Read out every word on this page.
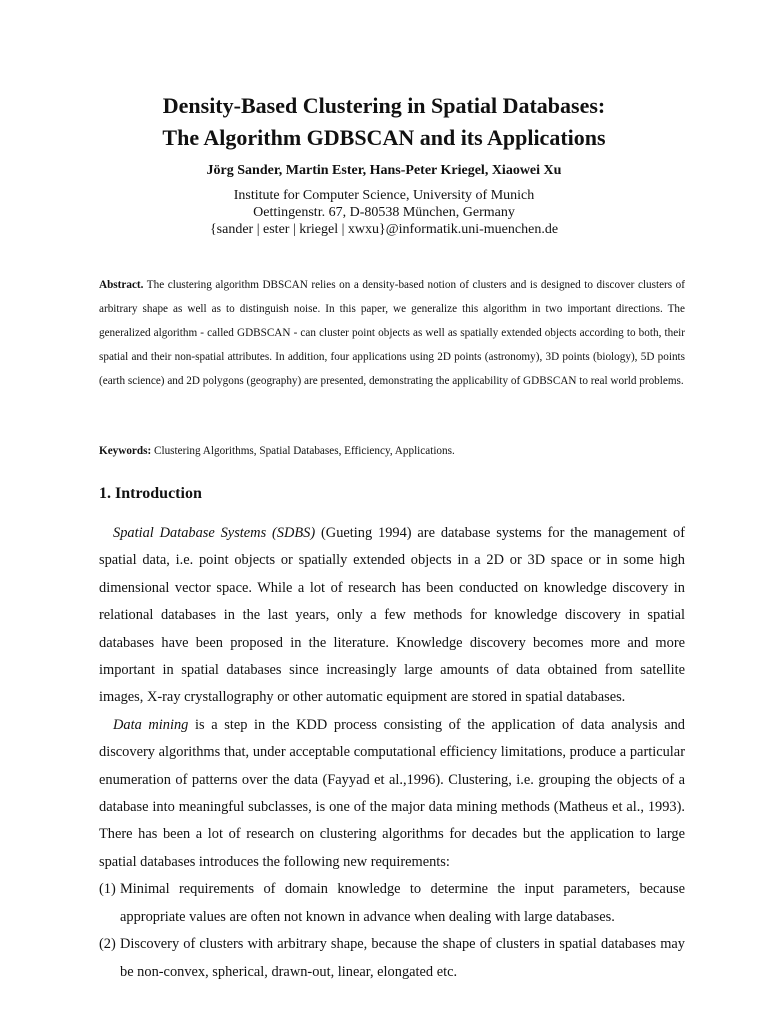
Density-Based Clustering in Spatial Databases:
The Algorithm GDBSCAN and its Applications
Jörg Sander, Martin Ester, Hans-Peter Kriegel, Xiaowei Xu
Institute for Computer Science, University of Munich
Oettingenstr. 67, D-80538 München, Germany
{sander | ester | kriegel | xwxu}@informatik.uni-muenchen.de
Abstract. The clustering algorithm DBSCAN relies on a density-based notion of clusters and is designed to discover clusters of arbitrary shape as well as to distinguish noise. In this paper, we generalize this algorithm in two important directions. The generalized algorithm - called GDBSCAN - can cluster point objects as well as spatially extended objects according to both, their spatial and their non-spatial attributes. In addition, four applications using 2D points (astronomy), 3D points (biology), 5D points (earth science) and 2D polygons (geography) are presented, demonstrating the applicability of GDBSCAN to real world problems.
Keywords: Clustering Algorithms, Spatial Databases, Efficiency, Applications.
1. Introduction

Spatial Database Systems (SDBS) (Gueting 1994) are database systems for the management of spatial data, i.e. point objects or spatially extended objects in a 2D or 3D space or in some high dimensional vector space. While a lot of research has been conducted on knowledge discovery in relational databases in the last years, only a few methods for knowledge discovery in spatial databases have been proposed in the literature. Knowledge discovery becomes more and more important in spatial databases since increasingly large amounts of data obtained from satellite images, X-ray crystallography or other automatic equipment are stored in spatial databases.

Data mining is a step in the KDD process consisting of the application of data analysis and discovery algorithms that, under acceptable computational efficiency limitations, produce a particular enumeration of patterns over the data (Fayyad et al.,1996). Clustering, i.e. grouping the objects of a database into meaningful subclasses, is one of the major data mining methods (Matheus et al., 1993). There has been a lot of research on clustering algorithms for decades but the application to large spatial databases introduces the following new requirements:

(1) Minimal requirements of domain knowledge to determine the input parameters, because appropriate values are often not known in advance when dealing with large databases.
(2) Discovery of clusters with arbitrary shape, because the shape of clusters in spatial databases may be non-convex, spherical, drawn-out, linear, elongated etc.
